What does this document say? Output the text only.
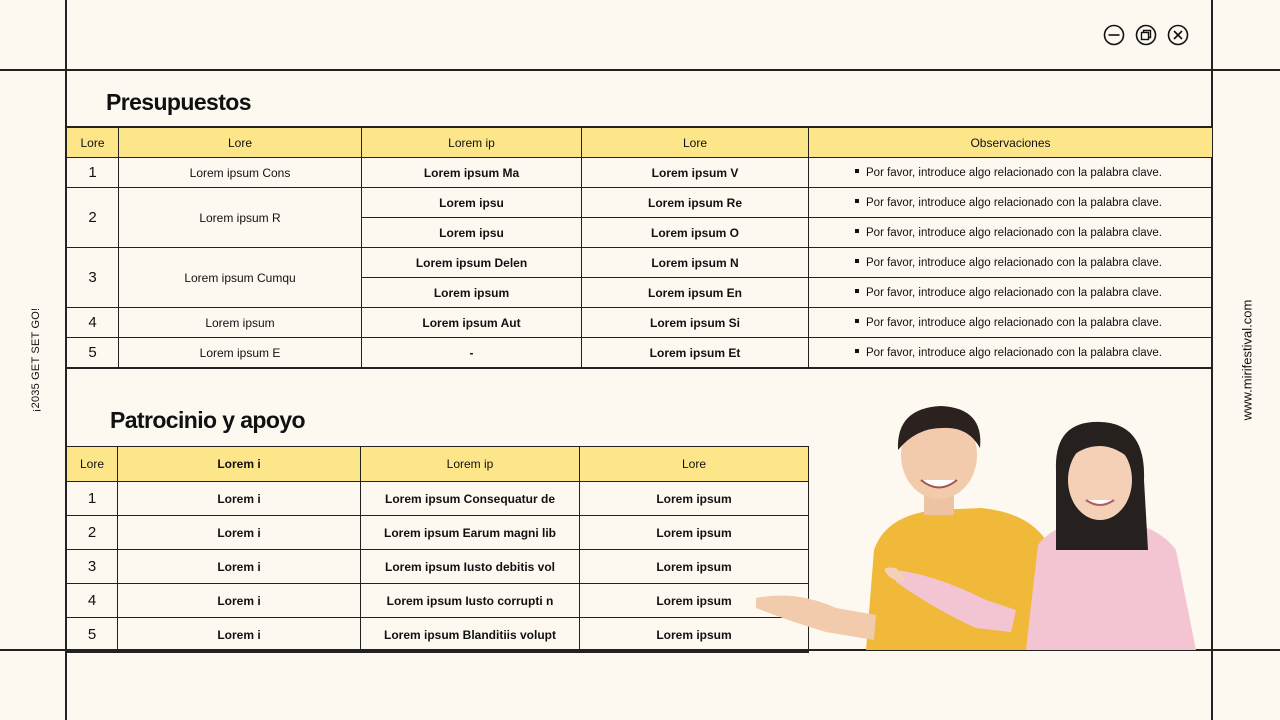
¡2035 GET SET GO!	www.mirifestival.com
Presupuestos
Lore	Lore	Lorem ip	Lore	Observaciones
1	Lorem ipsum Cons	Lorem ipsum Ma	Lorem ipsum V	Por favor, introduce algo relacionado con la palabra clave.
2	Lorem ipsum R	Lorem ipsu	Lorem ipsum Re	Por favor, introduce algo relacionado con la palabra clave.
		Lorem ipsu	Lorem ipsum O	Por favor, introduce algo relacionado con la palabra clave.
3	Lorem ipsum Cumqu	Lorem ipsum Delen	Lorem ipsum N	Por favor, introduce algo relacionado con la palabra clave.
		Lorem ipsum	Lorem ipsum En	Por favor, introduce algo relacionado con la palabra clave.
4	Lorem ipsum	Lorem ipsum Aut	Lorem ipsum Si	Por favor, introduce algo relacionado con la palabra clave.
5	Lorem ipsum E	-	Lorem ipsum Et	Por favor, introduce algo relacionado con la palabra clave.
Patrocinio y apoyo
Lore	Lorem i	Lorem ip	Lore
1	Lorem i	Lorem ipsum Consequatur de	Lorem ipsum
2	Lorem i	Lorem ipsum Earum magni lib	Lorem ipsum
3	Lorem i	Lorem ipsum Iusto debitis vol	Lorem ipsum
4	Lorem i	Lorem ipsum Iusto corrupti n	Lorem ipsum
5	Lorem i	Lorem ipsum Blanditiis volupt	Lorem ipsum
